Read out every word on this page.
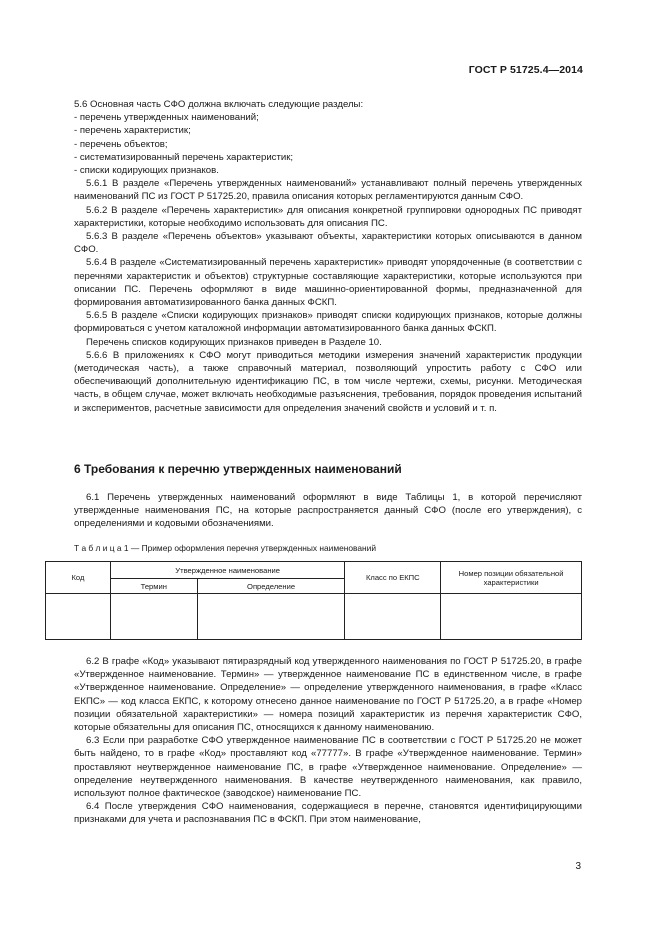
ГОСТ Р 51725.4—2014

5.6 Основная часть СФО должна включать следующие разделы:

- перечень утвержденных наименований;

- перечень характеристик;

- перечень объектов;

- систематизированный перечень характеристик;

- списки кодирующих признаков.

5.6.1 В разделе «Перечень утвержденных наименований» устанавливают полный перечень утвержденных наименований ПС из ГОСТ Р 51725.20, правила описания которых регламентируются данным СФО.

5.6.2 В разделе «Перечень характеристик» для описания конкретной группировки однородных ПС приводят характеристики, которые необходимо использовать для описания ПС.

5.6.3 В разделе «Перечень объектов» указывают объекты, характеристики которых описываются в данном СФО.

5.6.4 В разделе «Систематизированный перечень характеристик» приводят упорядоченные (в соответствии с перечнями характеристик и объектов) структурные составляющие характеристики, которые используются при описании ПС. Перечень оформляют в виде машинно-ориентированной формы, предназначенной для формирования автоматизированного банка данных ФСКП.

5.6.5 В разделе «Списки кодирующих признаков» приводят списки кодирующих признаков, которые должны формироваться с учетом каталожной информации автоматизированного банка данных ФСКП.

Перечень списков кодирующих признаков приведен в Разделе 10.

5.6.6 В приложениях к СФО могут приводиться методики измерения значений характеристик продукции (методическая часть), а также справочный материал, позволяющий упростить работу с СФО или обеспечивающий дополнительную идентификацию ПС, в том числе чертежи, схемы, рисунки. Методическая часть, в общем случае, может включать необходимые разъяснения, требования, порядок проведения испытаний и экспериментов, расчетные зависимости для определения значений свойств и условий и т. п.

6 Требования к перечню утвержденных наименований

6.1 Перечень утвержденных наименований оформляют в виде Таблицы 1, в которой перечисляют утвержденные наименования ПС, на которые распространяется данный СФО (после его утверждения), с определениями и кодовыми обозначениями.

Т а б л и ц а 1 — Пример оформления перечня утвержденных наименований
Код	Утвержденное наименование		Класс по ЕКПС	Номер позиции обязательной характеристики
	Термин	Определение		

6.2 В графе «Код» указывают пятиразрядный код утвержденного наименования по ГОСТ Р 51725.20, в графе «Утвержденное наименование. Термин» — утвержденное наименование ПС в единственном числе, в графе «Утвержденное наименование. Определение» — определение утвержденного наименования, в графе «Класс ЕКПС» — код класса ЕКПС, к которому отнесено данное наименование по ГОСТ Р 51725.20, а в графе «Номер позиции обязательной характеристики» — номера позиций характеристик из перечня характеристик СФО, которые обязательны для описания ПС, относящихся к данному наименованию.

6.3 Если при разработке СФО утвержденное наименование ПС в соответствии с ГОСТ Р 51725.20 не может быть найдено, то в графе «Код» проставляют код «77777». В графе «Утвержденное наименование. Термин» проставляют неутвержденное наименование ПС, в графе «Утвержденное наименование. Определение» — определение неутвержденного наименования. В качестве неутвержденного наименования, как правило, используют полное фактическое (заводское) наименование ПС.

6.4 После утверждения СФО наименования, содержащиеся в перечне, становятся идентифицирующими признаками для учета и распознавания ПС в ФСКП. При этом наименование,

3
